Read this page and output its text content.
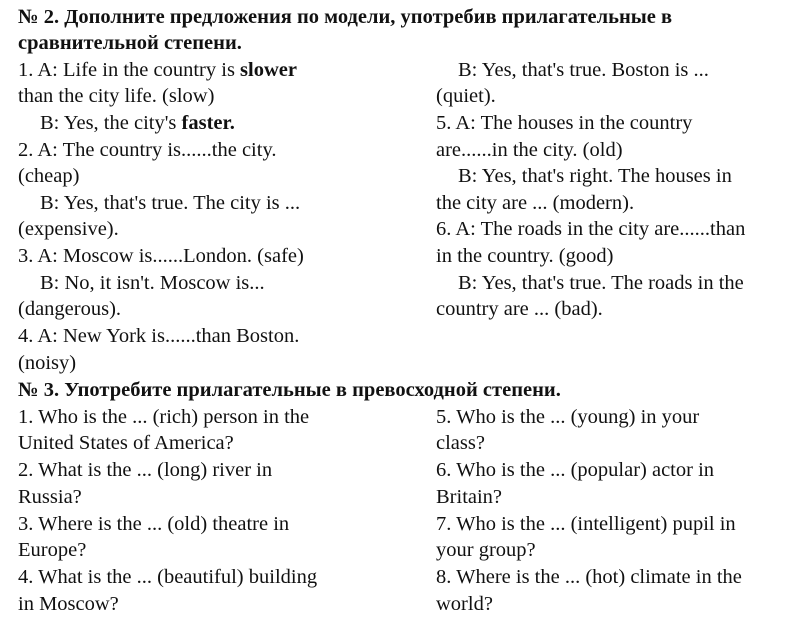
№ 2. Дополните предложения по модели, употребив прилагательные в
сравнительной степени.
1. A: Life in the country is slower
than the city life. (slow)
B: Yes, the city's faster.
2. A: The country is......the city.
(cheap)
B: Yes, that's true. The city is ...
(expensive).
3. A: Moscow is......London. (safe)
B: No, it isn't. Moscow is...
(dangerous).
4. A: New York is......than Boston.
(noisy)
B: Yes, that's true. Boston is ...
(quiet).
5. A: The houses in the country
are......in the city. (old)
B: Yes, that's right. The houses in
the city are ... (modern).
6. A: The roads in the city are......than
in the country. (good)
B: Yes, that's true. The roads in the
country are ... (bad).
№ 3. Употребите прилагательные в превосходной степени.
1. Who is the ... (rich) person in the
United States of America?
2. What is the ... (long) river in
Russia?
3. Where is the ... (old) theatre in
Europe?
4. What is the ... (beautiful) building
in Moscow?
5. Who is the ... (young) in your
class?
6. Who is the ... (popular) actor in
Britain?
7. Who is the ... (intelligent) pupil in
your group?
8. Where is the ... (hot) climate in the
world?
